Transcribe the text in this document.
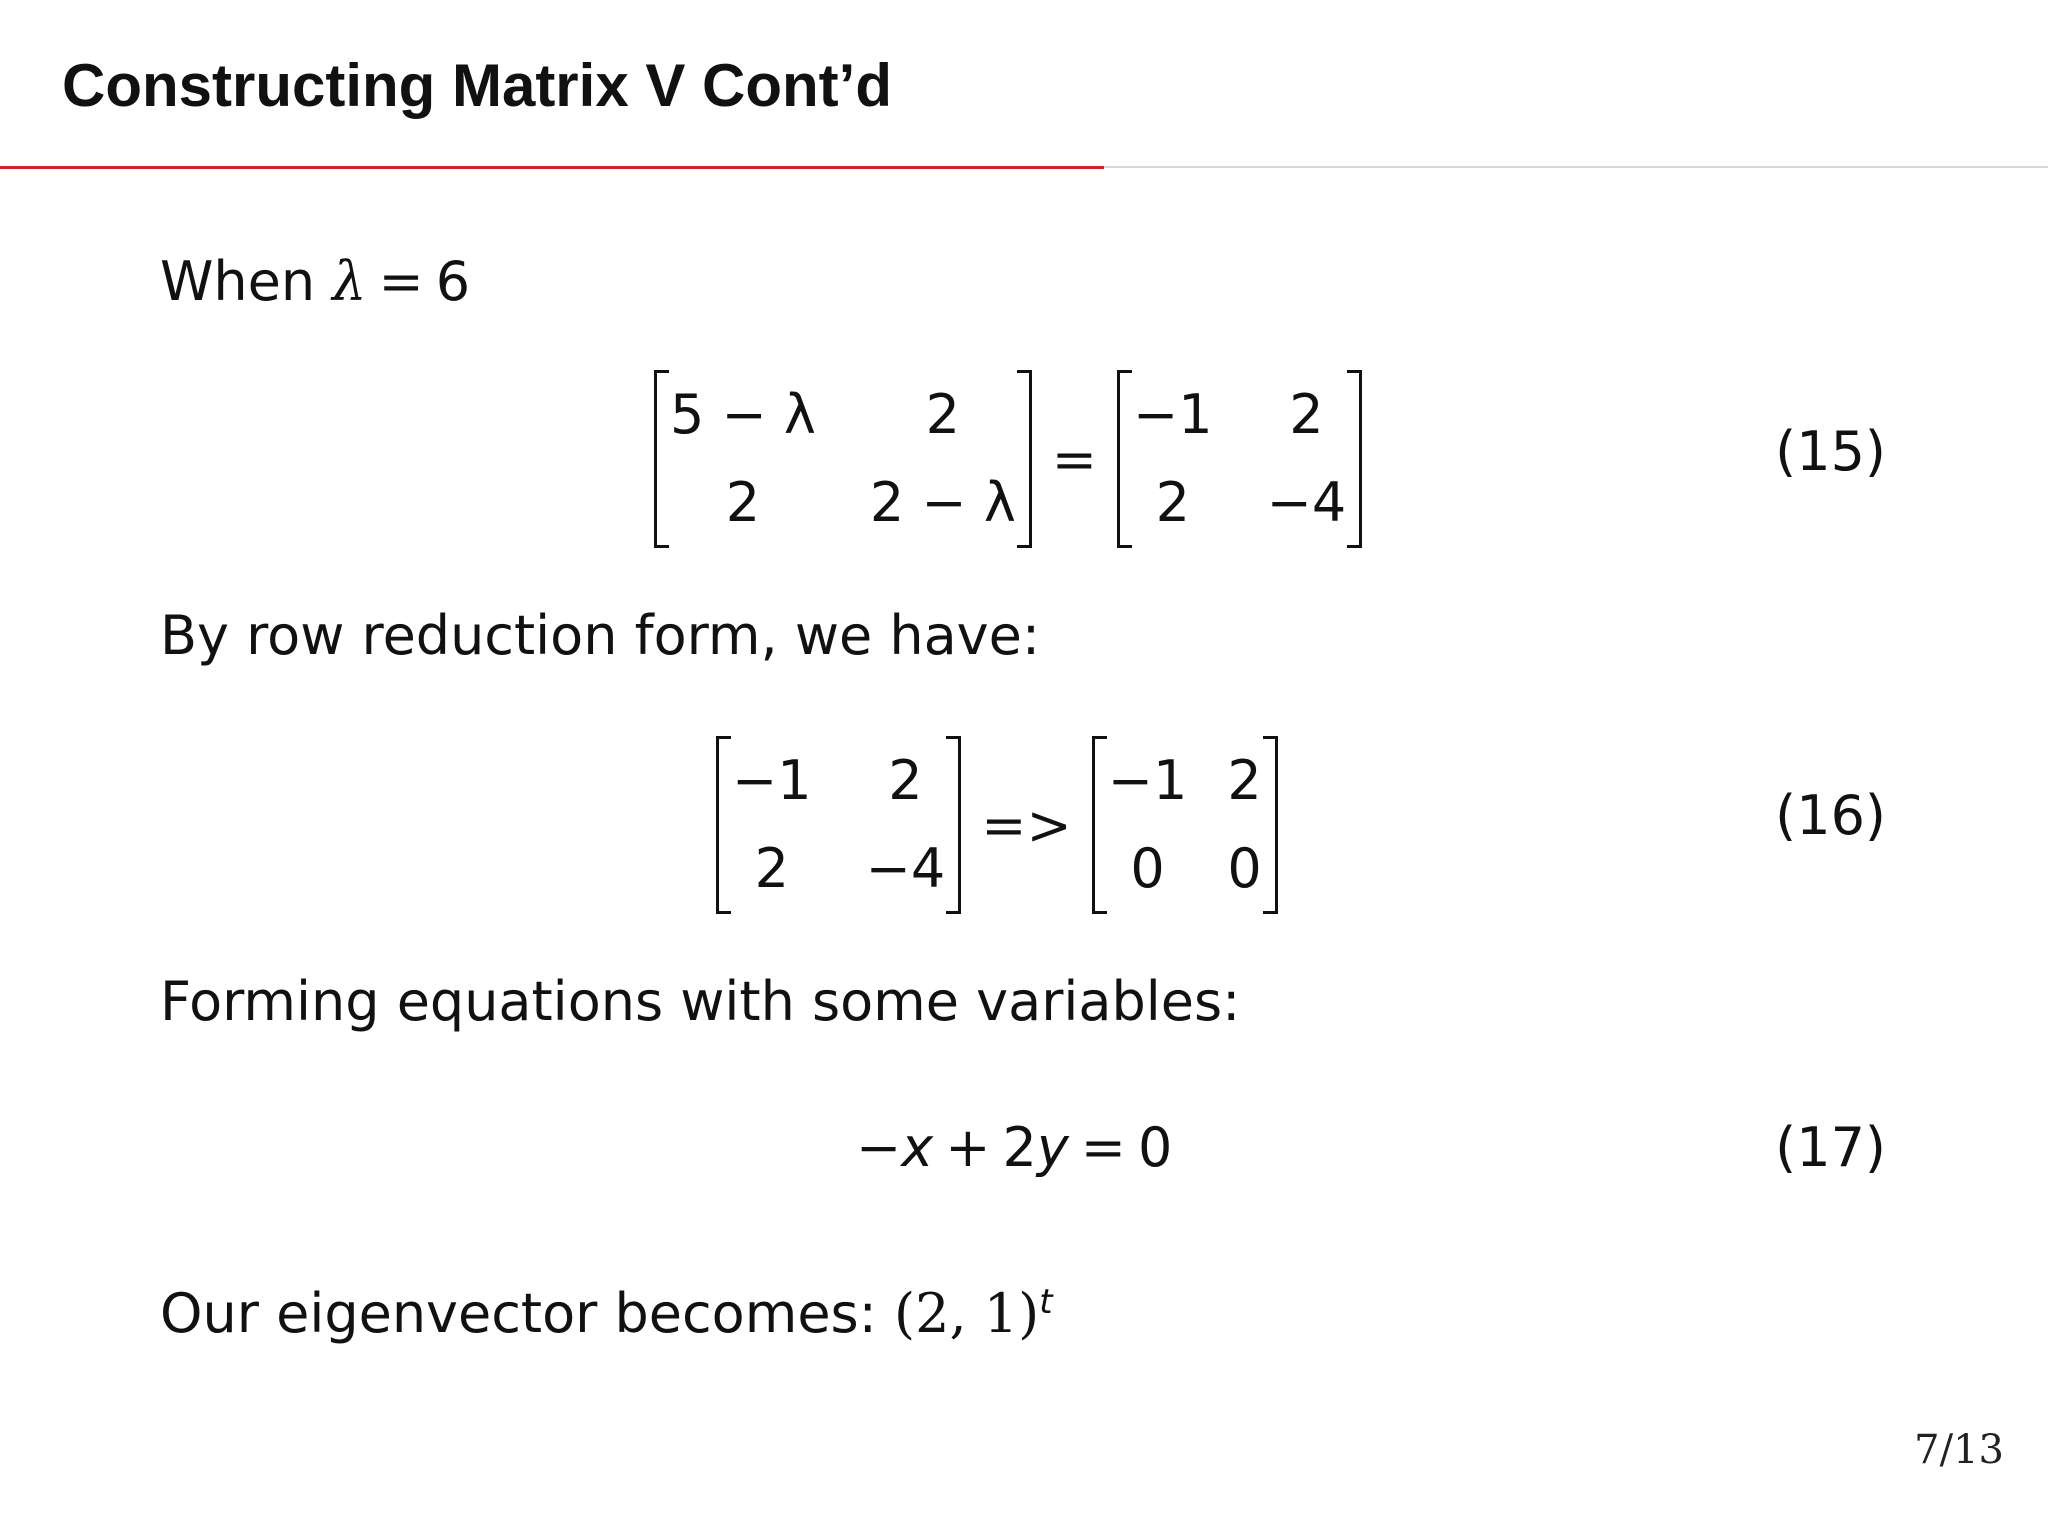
Constructing Matrix V Cont’d
When λ = 6
5 − λ	2
2	2 − λ
=
−1	2
2	−4
(15)
By row reduction form, we have:
−1	2
2	−4
=>
−1 2
0	0
(16)
Forming equations with some variables:
− x + 2 y = 0	(17)
Our eigenvector becomes: (2, 1)$^t$
7/13
